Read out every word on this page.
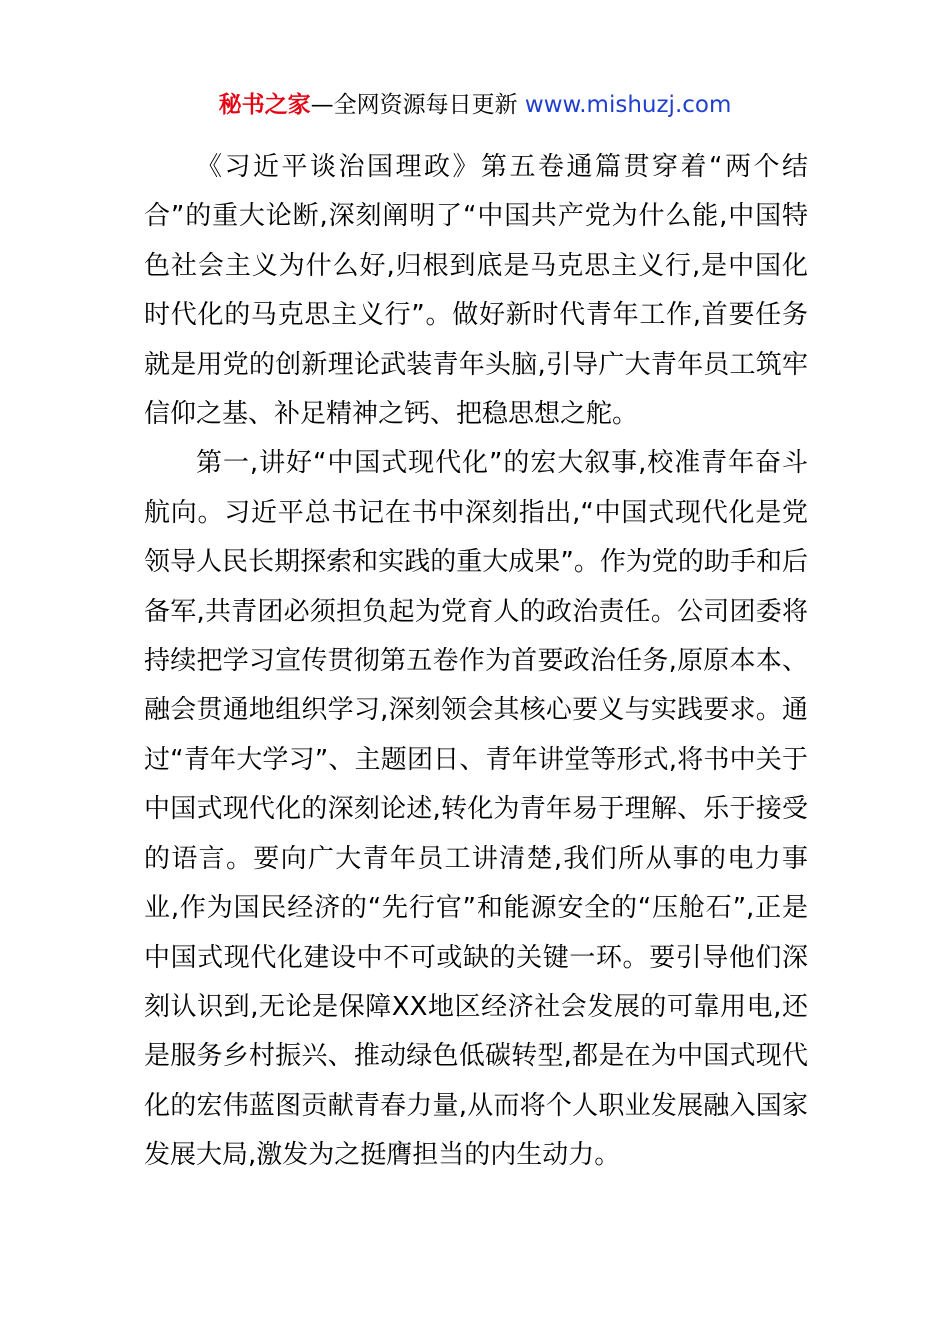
秘书之家—全网资源每日更新 www.mishuzj.com

《习近平谈治国理政》第五卷通篇贯穿着“两个结合”的重大论断,深刻阐明了“中国共产党为什么能,中国特色社会主义为什么好,归根到底是马克思主义行,是中国化时代化的马克思主义行”。做好新时代青年工作,首要任务就是用党的创新理论武装青年头脑,引导广大青年员工筑牢信仰之基、补足精神之钙、把稳思想之舵。

第一,讲好“中国式现代化”的宏大叙事,校准青年奋斗航向。习近平总书记在书中深刻指出,“中国式现代化是党领导人民长期探索和实践的重大成果”。作为党的助手和后备军,共青团必须担负起为党育人的政治责任。公司团委将持续把学习宣传贯彻第五卷作为首要政治任务,原原本本、融会贯通地组织学习,深刻领会其核心要义与实践要求。通过“青年大学习”、主题团日、青年讲堂等形式,将书中关于中国式现代化的深刻论述,转化为青年易于理解、乐于接受的语言。要向广大青年员工讲清楚,我们所从事的电力事业,作为国民经济的“先行官”和能源安全的“压舱石”,正是中国式现代化建设中不可或缺的关键一环。要引导他们深刻认识到,无论是保障XX地区经济社会发展的可靠用电,还是服务乡村振兴、推动绿色低碳转型,都是在为中国式现代化的宏伟蓝图贡献青春力量,从而将个人职业发展融入国家发展大局,激发为之挺膺担当的内生动力。
